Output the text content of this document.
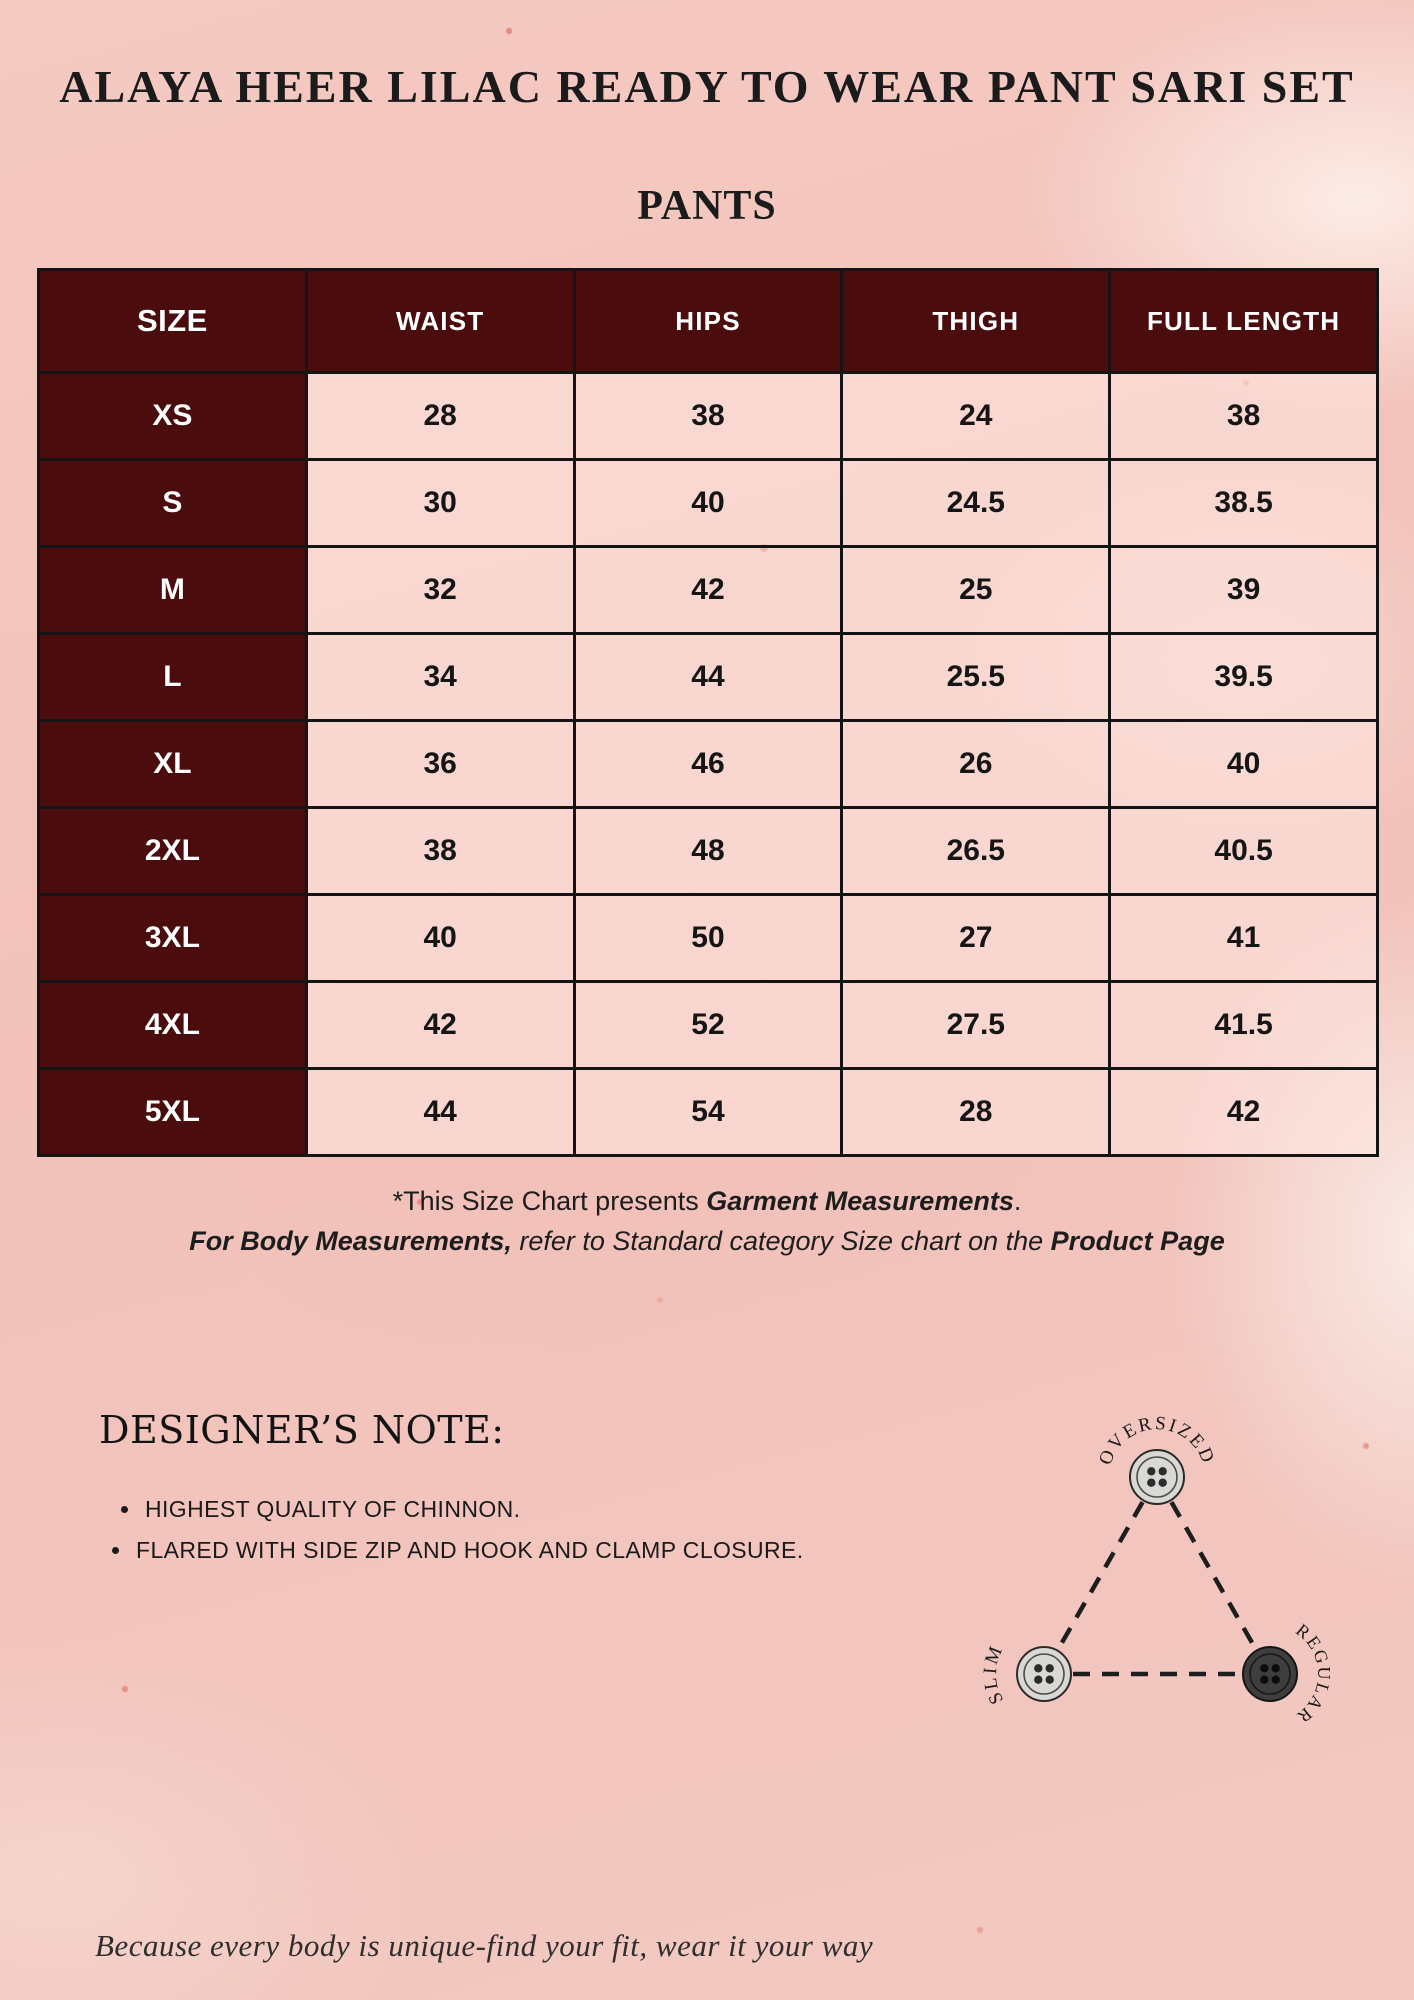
ALAYA HEER LILAC READY TO WEAR PANT SARI SET
PANTS
SIZE	WAIST	HIPS	THIGH	FULL LENGTH
XS	28	38	24	38
S	30	40	24.5	38.5
M	32	42	25	39
L	34	44	25.5	39.5
XL	36	46	26	40
2XL	38	48	26.5	40.5
3XL	40	50	27	41
4XL	42	52	27.5	41.5
5XL	44	54	28	42
*This Size Chart presents Garment Measurements.
For Body Measurements, refer to Standard category Size chart on the Product Page
DESIGNER’S NOTE:
HIGHEST QUALITY OF CHINNON.
FLARED WITH SIDE ZIP AND HOOK AND CLAMP CLOSURE.
OVERSIZED
SLIM
REGULAR
Because every body is unique-find your fit, wear it your way
